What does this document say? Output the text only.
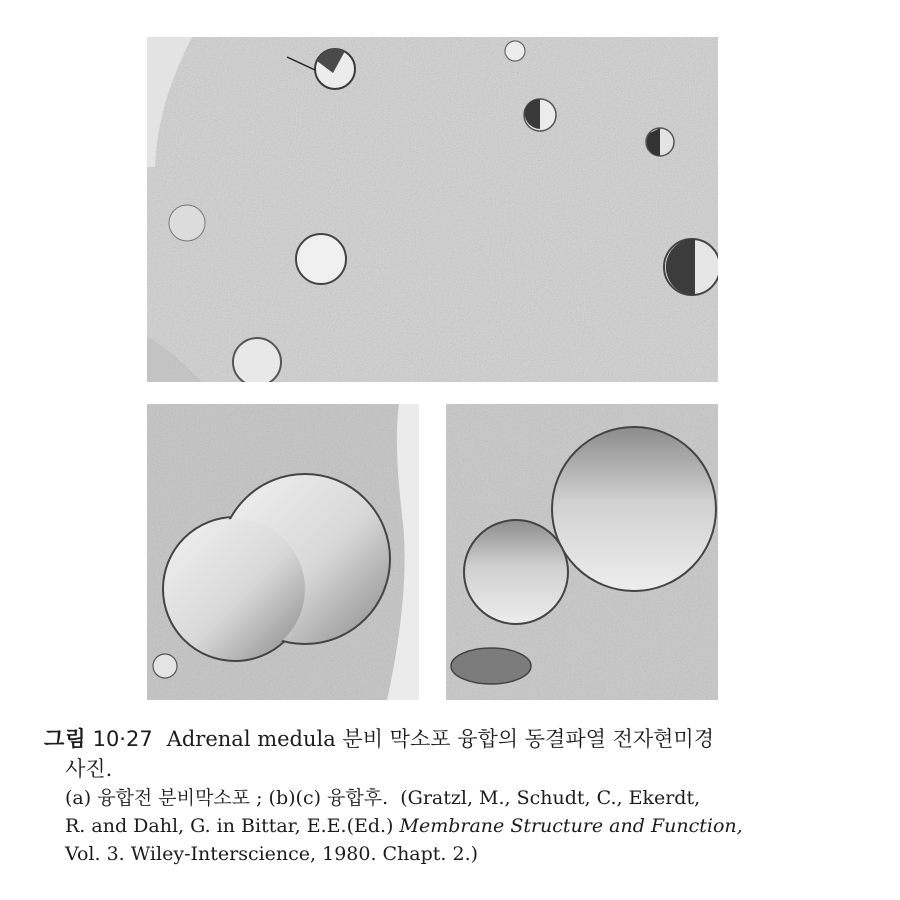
그림 10·27 Adrenal medula 분비 막소포 융합의 동결파열 전자현미경
사진.
(a) 융합전 분비막소포 ; (b)(c) 융합후. (Gratzl, M., Schudt, C., Ekerdt,
R. and Dahl, G. in Bittar, E.E.(Ed.) Membrane Structure and Function,
Vol. 3. Wiley-Interscience, 1980. Chapt. 2.)
